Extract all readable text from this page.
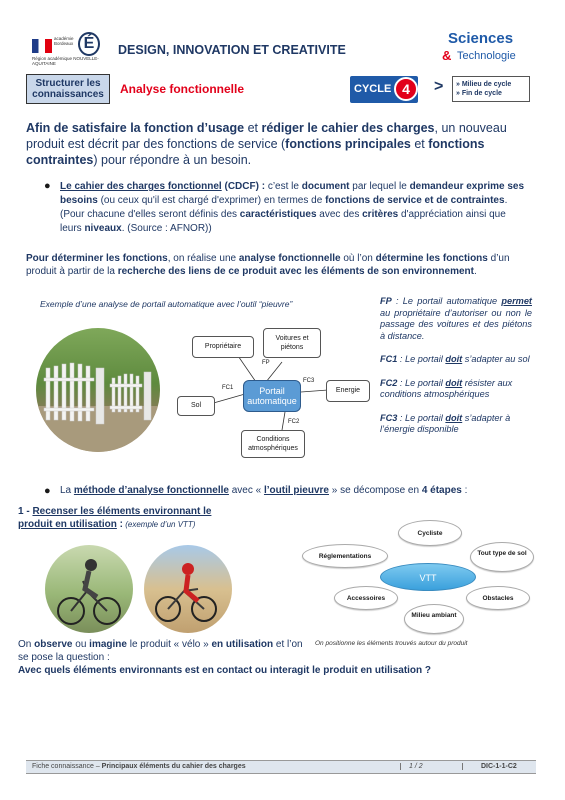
académie Bordeaux É
Région académique NOUVELLE-AQUITAINE
DESIGN, INNOVATION ET CREATIVITE
Sciences
& Technologie
Structurer les connaissances	Analyse fonctionnelle	CYCLE 4	> » Milieu de cycle
» Fin de cycle
Afin de satisfaire la fonction d’usage et rédiger le cahier des charges, un nouveau produit est décrit par des fonctions de service (fonctions principales et fonctions contraintes) pour répondre à un besoin.
● Le cahier des charges fonctionnel (CDCF) : c’est le document par lequel le demandeur exprime ses besoins (ou ceux qu'il est chargé d'exprimer) en termes de fonctions de service et de contraintes. (Pour chacune d'elles seront définis des caractéristiques avec des critères d'appréciation ainsi que leurs niveaux. (Source : AFNOR))
Pour déterminer les fonctions, on réalise une analyse fonctionnelle où l’on détermine les fonctions d’un produit à partir de la recherche des liens de ce produit avec les éléments de son environnement.
Exemple d’une analyse de portail automatique avec l’outil “pieuvre”
Propriétaire
Voitures et piétons
Energie
Sol
Conditions atmosphériques
Portail automatique
FP
FC1
FC3
FC2

FP : Le portail automatique permet au propriétaire d’autoriser ou non le passage des voitures et des piétons à distance.

FC1 : Le portail doit s’adapter au sol

FC2 : Le portail doit résister aux conditions atmosphériques

FC3 : Le portail doit s’adapter à l’énergie disponible

● La méthode d’analyse fonctionnelle avec « l’outil pieuvre » se décompose en 4 étapes :
1 - Recenser les éléments environnant le produit en utilisation : (exemple d’un VTT)
Cycliste
Réglementations	Tout type de sol
VTT
Accessoires	Obstacles
Milieu ambiant
On positionne les éléments trouvés autour du produit
On observe ou imagine le produit « vélo » en utilisation et l’on se pose la question :
Avec quels éléments environnants est en contact ou interagit le produit en utilisation ?
Fiche connaissance – Principaux éléments du cahier des charges	1 / 2	DIC-1-1-C2
